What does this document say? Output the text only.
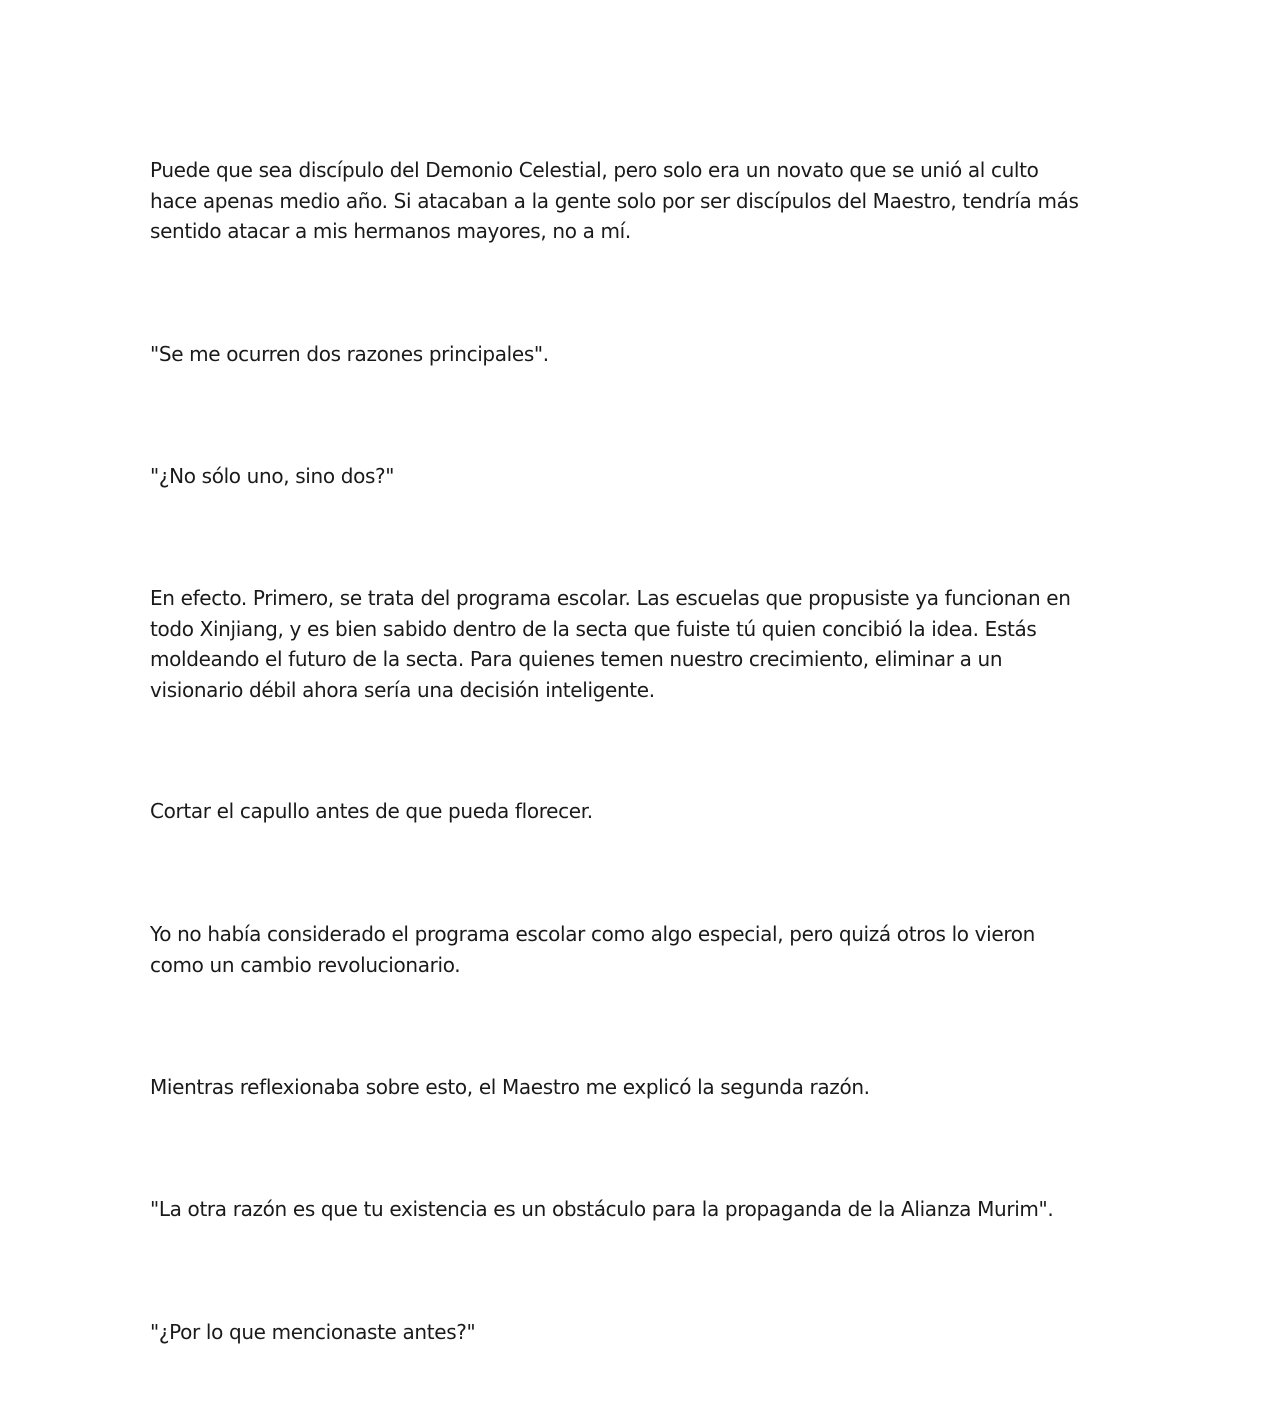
Puede que sea discípulo del Demonio Celestial, pero solo era un novato que se unió al culto
hace apenas medio año. Si atacaban a la gente solo por ser discípulos del Maestro, tendría más
sentido atacar a mis hermanos mayores, no a mí.

"Se me ocurren dos razones principales".

"¿No sólo uno, sino dos?"

En efecto. Primero, se trata del programa escolar. Las escuelas que propusiste ya funcionan en
todo Xinjiang, y es bien sabido dentro de la secta que fuiste tú quien concibió la idea. Estás
moldeando el futuro de la secta. Para quienes temen nuestro crecimiento, eliminar a un
visionario débil ahora sería una decisión inteligente.

Cortar el capullo antes de que pueda florecer.

Yo no había considerado el programa escolar como algo especial, pero quizá otros lo vieron
como un cambio revolucionario.

Mientras reflexionaba sobre esto, el Maestro me explicó la segunda razón.

"La otra razón es que tu existencia es un obstáculo para la propaganda de la Alianza Murim".

"¿Por lo que mencionaste antes?"
